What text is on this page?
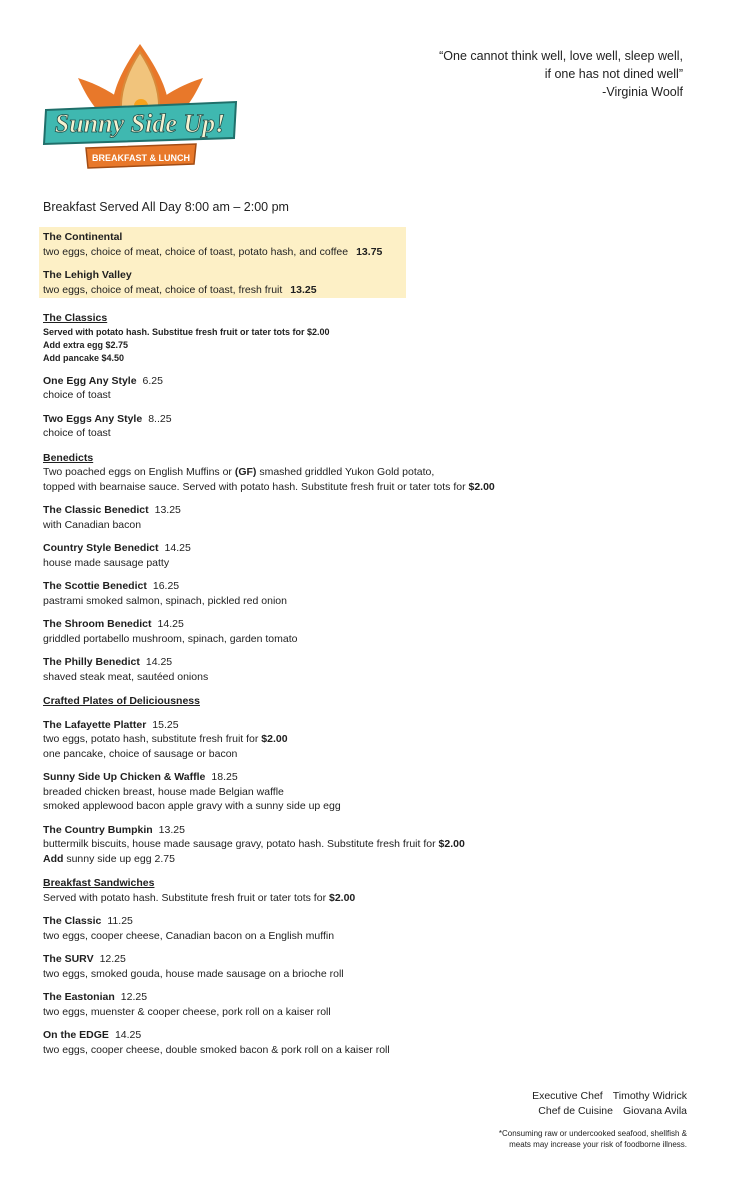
Sunny Side Up!
BREAKFAST & LUNCH
“One cannot think well, love well, sleep well,
if one has not dined well”
-Virginia Woolf
Breakfast Served All Day 8:00 am – 2:00 pm
The Continental
two eggs, choice of meat, choice of toast, potato hash, and coffee 13.75
The Lehigh Valley
two eggs, choice of meat, choice of toast, fresh fruit 13.25
The Classics
Served with potato hash. Substitue fresh fruit or tater tots for $2.00
Add extra egg $2.75
Add pancake $4.50
One Egg Any Style 6.25
choice of toast
Two Eggs Any Style 8..25
choice of toast
Benedicts
Two poached eggs on English Muffins or (GF) smashed griddled Yukon Gold potato,
topped with bearnaise sauce. Served with potato hash. Substitute fresh fruit or tater tots for $2.00
The Classic Benedict 13.25
with Canadian bacon
Country Style Benedict 14.25
house made sausage patty
The Scottie Benedict 16.25
pastrami smoked salmon, spinach, pickled red onion
The Shroom Benedict 14.25
griddled portabello mushroom, spinach, garden tomato
The Philly Benedict 14.25
shaved steak meat, sautéed onions
Crafted Plates of Deliciousness
The Lafayette Platter 15.25
two eggs, potato hash, substitute fresh fruit for $2.00
one pancake, choice of sausage or bacon
Sunny Side Up Chicken & Waffle 18.25
breaded chicken breast, house made Belgian waffle
smoked applewood bacon apple gravy with a sunny side up egg
The Country Bumpkin 13.25
buttermilk biscuits, house made sausage gravy, potato hash. Substitute fresh fruit for $2.00
Add sunny side up egg 2.75
Breakfast Sandwiches
Served with potato hash. Substitute fresh fruit or tater tots for $2.00
The Classic 11.25
two eggs, cooper cheese, Canadian bacon on a English muffin
The SURV 12.25
two eggs, smoked gouda, house made sausage on a brioche roll
The Eastonian 12.25
two eggs, muenster & cooper cheese, pork roll on a kaiser roll
On the EDGE 14.25
two eggs, cooper cheese, double smoked bacon & pork roll on a kaiser roll
Executive Chef Timothy Widrick
Chef de Cuisine Giovana Avila
*Consuming raw or undercooked seafood, shellfish &
meats may increase your risk of foodborne illness.
